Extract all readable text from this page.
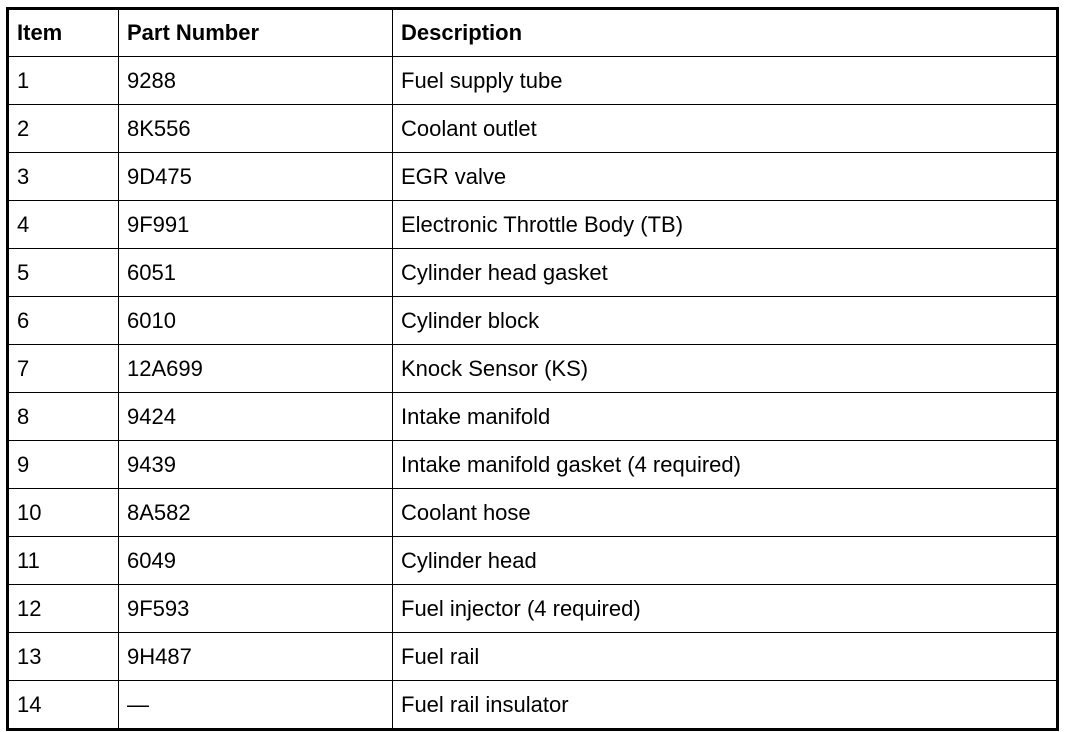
Item	Part Number	Description
1	9288	Fuel supply tube
2	8K556	Coolant outlet
3	9D475	EGR valve
4	9F991	Electronic Throttle Body (TB)
5	6051	Cylinder head gasket
6	6010	Cylinder block
7	12A699	Knock Sensor (KS)
8	9424	Intake manifold
9	9439	Intake manifold gasket (4 required)
10	8A582	Coolant hose
11	6049	Cylinder head
12	9F593	Fuel injector (4 required)
13	9H487	Fuel rail
14	—	Fuel rail insulator
